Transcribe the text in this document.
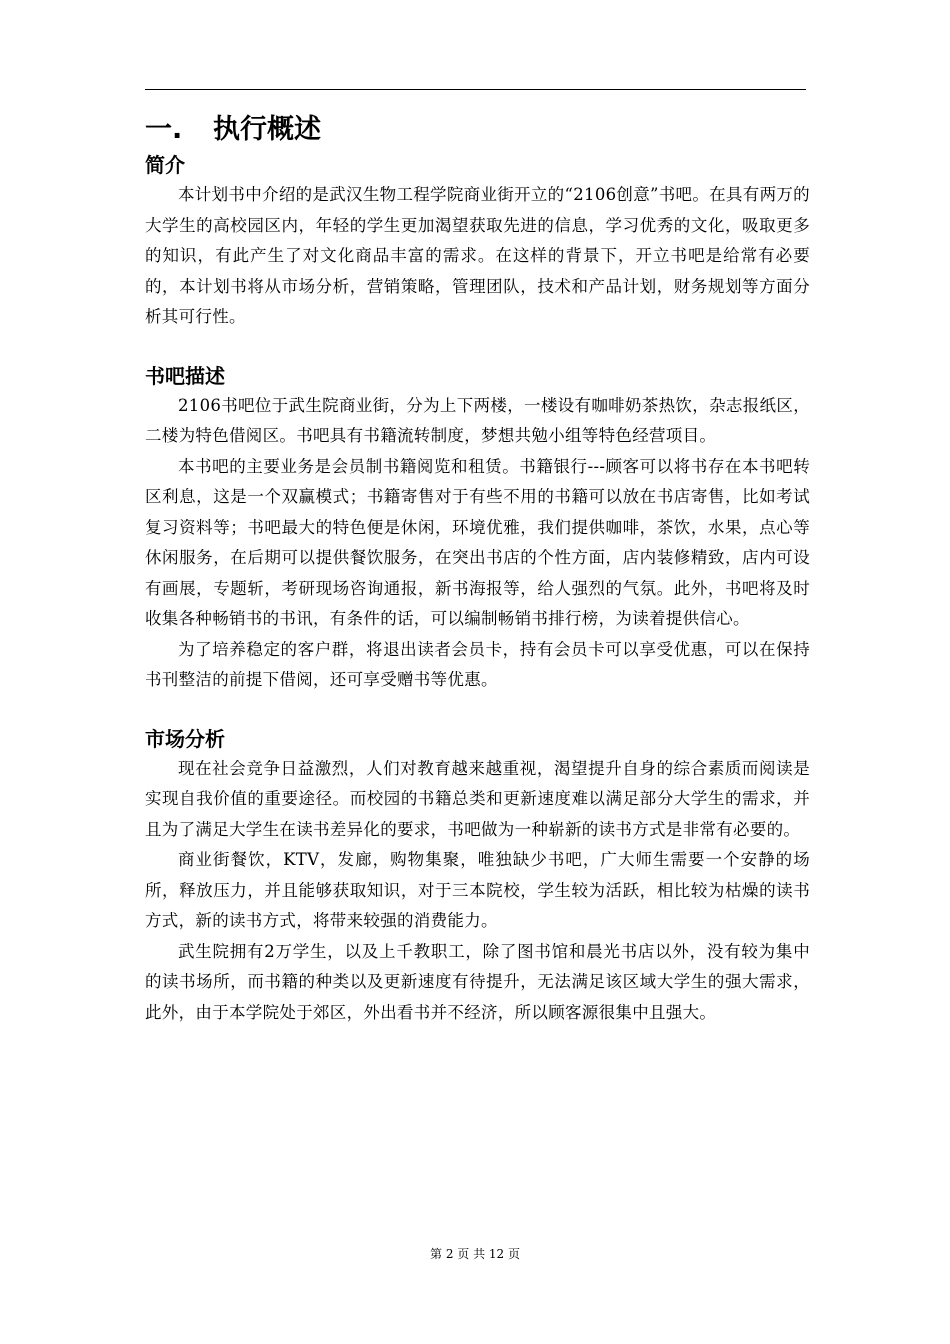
一. 执行概述
简介

本计划书中介绍的是武汉生物工程学院商业街开立的“2106创意”书吧。在具有两万的大学生的高校园区内，年轻的学生更加渴望获取先进的信息，学习优秀的文化，吸取更多的知识，有此产生了对文化商品丰富的需求。在这样的背景下，开立书吧是给常有必要的，本计划书将从市场分析，营销策略，管理团队，技术和产品计划，财务规划等方面分析其可行性。

书吧描述

2106书吧位于武生院商业街，分为上下两楼，一楼设有咖啡奶茶热饮，杂志报纸区，二楼为特色借阅区。书吧具有书籍流转制度，梦想共勉小组等特色经营项目。

本书吧的主要业务是会员制书籍阅览和租赁。书籍银行---顾客可以将书存在本书吧转区利息，这是一个双赢模式；书籍寄售对于有些不用的书籍可以放在书店寄售，比如考试复习资料等；书吧最大的特色便是休闲，环境优雅，我们提供咖啡，茶饮，水果，点心等休闲服务，在后期可以提供餐饮服务，在突出书店的个性方面，店内装修精致，店内可设有画展，专题斩，考研现场咨询通报，新书海报等，给人强烈的气氛。此外，书吧将及时收集各种畅销书的书讯，有条件的话，可以编制畅销书排行榜，为读着提供信心。

为了培养稳定的客户群，将退出读者会员卡，持有会员卡可以享受优惠，可以在保持书刊整洁的前提下借阅，还可享受赠书等优惠。

市场分析

现在社会竞争日益激烈，人们对教育越来越重视，渴望提升自身的综合素质而阅读是实现自我价值的重要途径。而校园的书籍总类和更新速度难以满足部分大学生的需求，并且为了满足大学生在读书差异化的要求，书吧做为一种崭新的读书方式是非常有必要的。

商业街餐饮，KTV，发廊，购物集聚，唯独缺少书吧，广大师生需要一个安静的场所，释放压力，并且能够获取知识，对于三本院校，学生较为活跃，相比较为枯燥的读书方式，新的读书方式，将带来较强的消费能力。

武生院拥有2万学生，以及上千教职工，除了图书馆和晨光书店以外，没有较为集中的读书场所，而书籍的种类以及更新速度有待提升，无法满足该区域大学生的强大需求，此外，由于本学院处于郊区，外出看书并不经济，所以顾客源很集中且强大。

第 2 页 共 12 页
